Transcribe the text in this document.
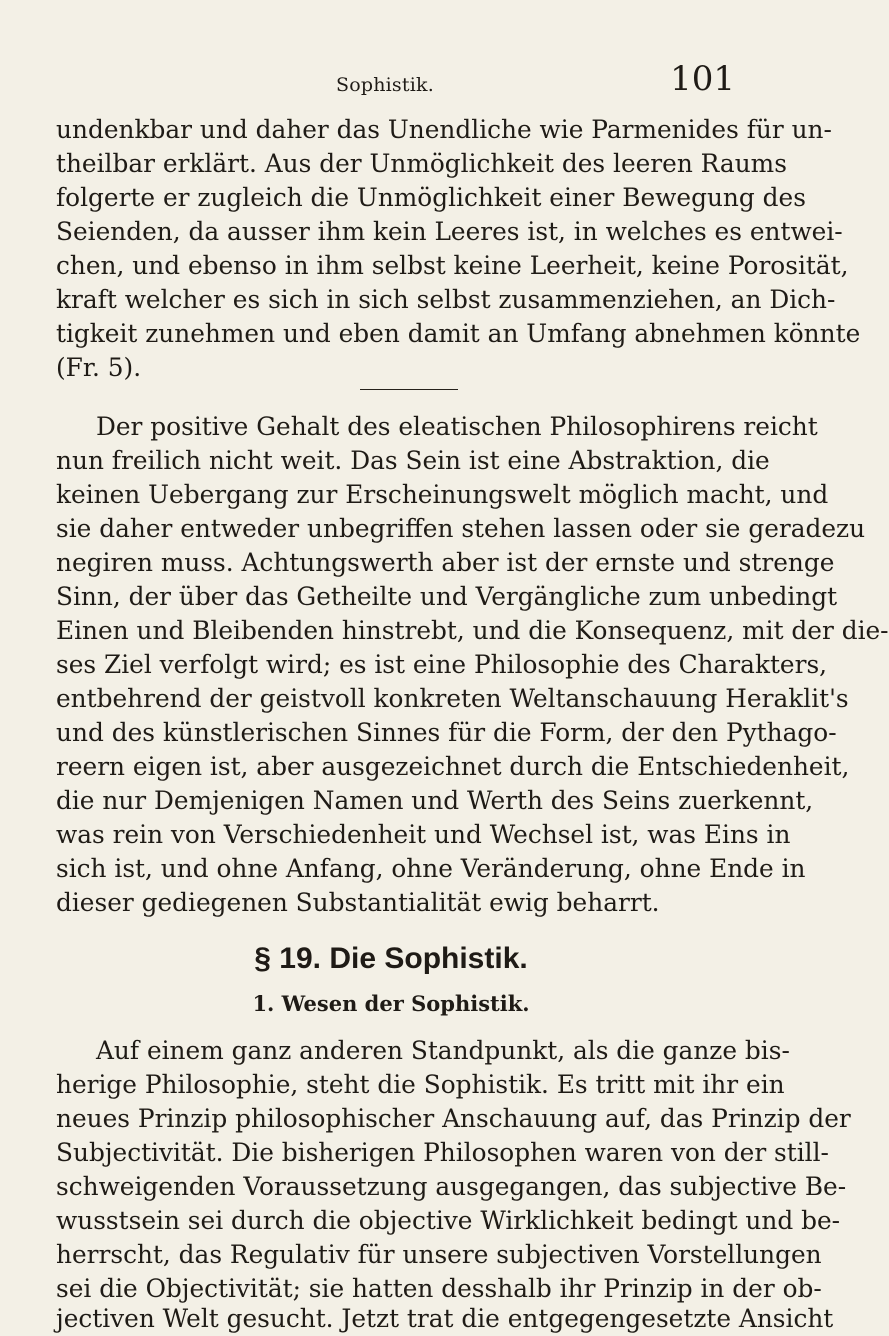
Sophistik.	101
undenkbar und daher das Unendliche wie Parmenides für un-
theilbar erklärt. Aus der Unmöglichkeit des leeren Raums
folgerte er zugleich die Unmöglichkeit einer Bewegung des
Seienden, da ausser ihm kein Leeres ist, in welches es entwei-
chen, und ebenso in ihm selbst keine Leerheit, keine Porosität,
kraft welcher es sich in sich selbst zusammenziehen, an Dich-
tigkeit zunehmen und eben damit an Umfang abnehmen könnte
(Fr. 5).
Der positive Gehalt des eleatischen Philosophirens reicht
nun freilich nicht weit. Das Sein ist eine Abstraktion, die
keinen Uebergang zur Erscheinungswelt möglich macht, und
sie daher entweder unbegriffen stehen lassen oder sie geradezu
negiren muss. Achtungswerth aber ist der ernste und strenge
Sinn, der über das Getheilte und Vergängliche zum unbedingt
Einen und Bleibenden hinstrebt, und die Konsequenz, mit der die-
ses Ziel verfolgt wird; es ist eine Philosophie des Charakters,
entbehrend der geistvoll konkreten Weltanschauung Heraklit's
und des künstlerischen Sinnes für die Form, der den Pythago-
reern eigen ist, aber ausgezeichnet durch die Entschiedenheit,
die nur Demjenigen Namen und Werth des Seins zuerkennt,
was rein von Verschiedenheit und Wechsel ist, was Eins in
sich ist, und ohne Anfang, ohne Veränderung, ohne Ende in
dieser gediegenen Substantialität ewig beharrt.
§ 19. Die Sophistik.
1. Wesen der Sophistik.
Auf einem ganz anderen Standpunkt, als die ganze bis-
herige Philosophie, steht die Sophistik. Es tritt mit ihr ein
neues Prinzip philosophischer Anschauung auf, das Prinzip der
Subjectivität. Die bisherigen Philosophen waren von der still-
schweigenden Voraussetzung ausgegangen, das subjective Be-
wusstsein sei durch die objective Wirklichkeit bedingt und be-
herrscht, das Regulativ für unsere subjectiven Vorstellungen
sei die Objectivität; sie hatten desshalb ihr Prinzip in der ob-
jectiven Welt gesucht. Jetzt trat die entgegengesetzte Ansicht
